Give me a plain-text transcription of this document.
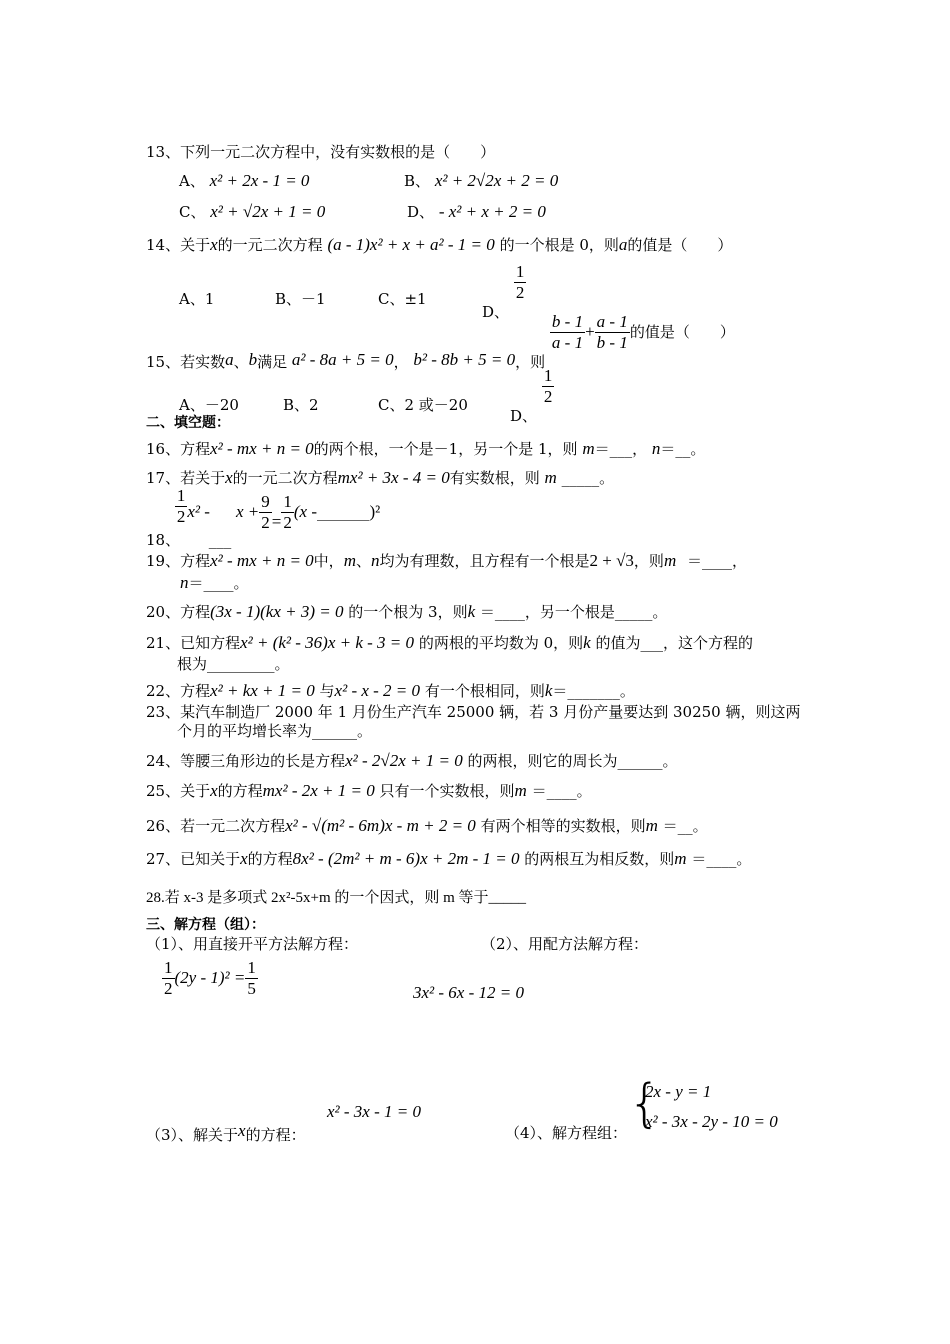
13、下列一元二次方程中，没有实数根的是（　　）
A、 x² + 2x - 1 = 0	B、 x² + 2√2x + 2 = 0
C、 x² + √2x + 1 = 0	D、 - x² + x + 2 = 0
14、关于x的一元二次方程 (a - 1)x² + x + a² - 1 = 0 的一个根是 0，则a的值是（　　）
A、1	B、－1	C、±1
D、
$\frac{1}{2}$
15、若实数a、b满足 a² - 8a + 5 = 0， b² - 8b + 5 = 0，则
$\frac{b - 1}{a - 1} + \frac{a - 1}{b - 1}$ 的值是（　　）
A、－20	B、2	C、2 或－20
D、
$\frac{1}{2}$
二、填空题：
16、方程x² - mx + n = 0的两个根，一个是－1，另一个是 1，则 m＝___， n＝__。
17、若关于x的一元二次方程mx² + 3x - 4 = 0有实数根，则 m _____。
18、
$\frac{1}{2} x^2$ - ___ $x + \frac{9}{2} = \frac{1}{2} (x$ -_______)²
19、方程x² - mx + n = 0中，m、n均为有理数，且方程有一个根是2 + √3，则m ＝____，
n＝____。
20、方程(3x - 1)(kx + 3) = 0 的一个根为 3，则k ＝____，另一个根是_____。
21、已知方程x² + (k² - 36)x + k - 3 = 0 的两根的平均数为 0，则k 的值为___，这个方程的
根为_________。
22、方程x² + kx + 1 = 0 与x² - x - 2 = 0 有一个根相同，则k＝_______。
23、某汽车制造厂 2000 年 1 月份生产汽车 25000 辆，若 3 月份产量要达到 30250 辆，则这两
个月的平均增长率为______。
24、等腰三角形边的长是方程x² - 2√2x + 1 = 0 的两根，则它的周长为______。
25、关于x的方程mx² - 2x + 1 = 0 只有一个实数根，则m ＝____。
26、若一元二次方程x² - √(m² - 6m)x - m + 2 = 0 有两个相等的实数根，则m ＝__。
27、已知关于x的方程8x² - (2m² + m - 6)x + 2m - 1 = 0 的两根互为相反数，则m ＝____。
28.若 x-3 是多项式 2x²-5x+m 的一个因式，则 m 等于_____
三、解方程（组）：
（1）、用直接开平方法解方程：	（2）、用配方法解方程：
$\frac{1}{2} (2y - 1)^2 = \frac{1}{5}$	3x² - 6x - 12 = 0
x² - 3x - 1 = 0
（3）、解关于x的方程：	（4）、解方程组： {
2x - y = 1
x² - 3x - 2y - 10 = 0
